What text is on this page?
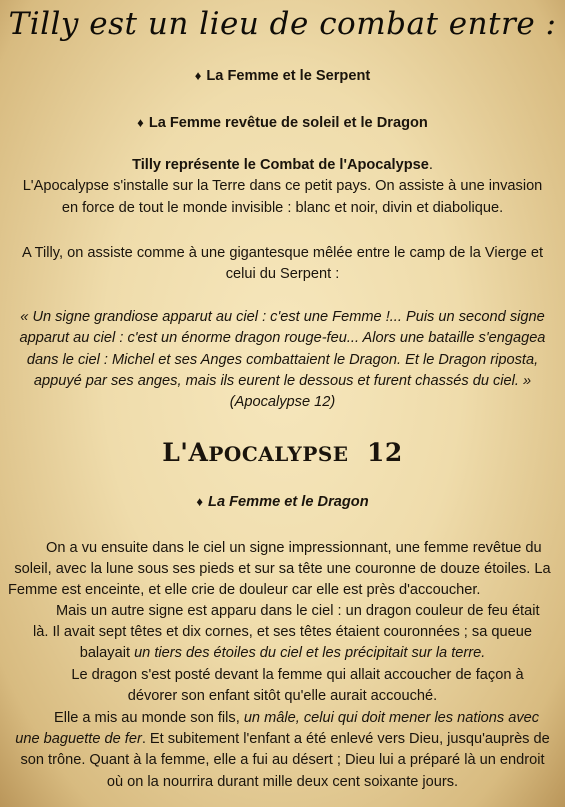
Tilly est un lieu de combat entre :
♦ La Femme et le Serpent
♦ La Femme revêtue de soleil et le Dragon
Tilly représente le Combat de l'Apocalypse.
L'Apocalypse s'installe sur la Terre dans ce petit pays. On assiste à une invasion
en force de tout le monde invisible : blanc et noir, divin et diabolique.
A Tilly, on assiste comme à une gigantesque mêlée entre le camp de la Vierge et
celui du Serpent :
« Un signe grandiose apparut au ciel : c'est une Femme !... Puis un second signe
apparut au ciel : c'est un énorme dragon rouge-feu... Alors une bataille s'engagea
dans le ciel : Michel et ses Anges combattaient le Dragon. Et le Dragon riposta,
appuyé par ses anges, mais ils eurent le dessous et furent chassés du ciel. »
(Apocalypse 12)
L'APOCALYPSE 12
♦ La Femme et le Dragon
On a vu ensuite dans le ciel un signe impressionnant, une femme revêtue du
soleil, avec la lune sous ses pieds et sur sa tête une couronne de douze étoiles. La
Femme est enceinte, et elle crie de douleur car elle est près d'accoucher.
Mais un autre signe est apparu dans le ciel : un dragon couleur de feu était
là. Il avait sept têtes et dix cornes, et ses têtes étaient couronnées ; sa queue
balayait un tiers des étoiles du ciel et les précipitait sur la terre.
Le dragon s'est posté devant la femme qui allait accoucher de façon à
dévorer son enfant sitôt qu'elle aurait accouché.
Elle a mis au monde son fils, un mâle, celui qui doit mener les nations avec
une baguette de fer. Et subitement l'enfant a été enlevé vers Dieu, jusqu'auprès de
son trône. Quant à la femme, elle a fui au désert ; Dieu lui a préparé là un endroit
où on la nourrira durant mille deux cent soixante jours.
